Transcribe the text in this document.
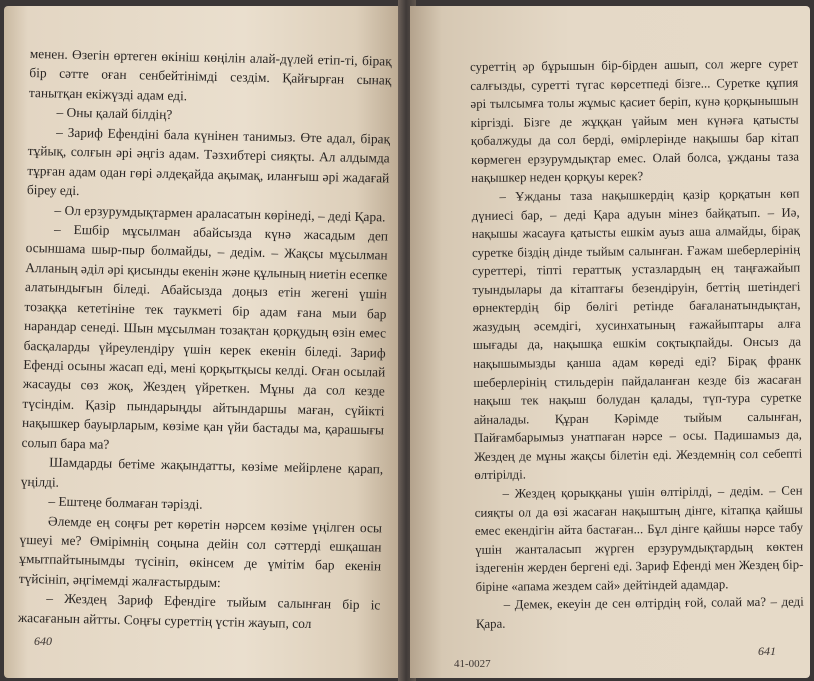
менен. Өзегін өртеген өкініш көңілін алай-дүлей етіп-ті, бірақ бір сәтте оған сенбейтінімді сездім. Қайғырған сынақ танытқан екіжүзді адам еді.

– Оны қалай білдің?

– Зариф Ефендіні бала күнінен танимыз. Өте адал, бірақ тұйық, солғын әрі әңгіз адам. Тәзхибтері сияқты. Ал алдымда тұрған адам одан гөрі әлдеқайда ақымақ, иланғыш әрі жадағай біреу еді.

– Ол ерзурумдықтармен араласатын көрінеді, – деді Қара.

– Ешбір мұсылман абайсызда күнә жасадым деп осыншама шыр-пыр болмайды, – дедім. – Жақсы мұсылман Алланың әділ әрі қисынды екенін және құлының ниетін есепке алатындығын біледі. Абайсызда доңыз етін жегені үшін тозаққа кететініне тек таукметі бір адам ғана мыи бар нарандар сенеді. Шын мұсылман тозақтан қорқудың өзін емес басқаларды үйреулендіру үшін керек екенін біледі. Зариф Ефенді осыны жасап еді, мені қорқытқысы келді. Оған осылай жасауды сөз жоқ, Жездең үйреткен. Мұны да сол кезде түсіндім. Қазір пындарыңды айтындаршы маған, сүйікті нақышкер бауырларым, көзіме қан үйи бастады ма, қарашығы солып бара ма?

Шамдарды бетіме жақындатты, көзіме мейірлене қарап, үңілді.

– Ештеңе болмаған тәрізді.

Әлемде ең соңғы рет көретін нәрсем көзіме үңілген осы үшеуі ме? Өмірімнің соңына дейін сол сәттерді ешқашан ұмытпайтынымды түсініп, өкінсем де үмітім бар екенін түйсініп, әңгімемді жалғастырдым:

– Жездең Зариф Ефендіге тыйым салынған бір іс жасағанын айтты. Соңғы суреттің үстін жауып, сол

640

суреттің әр бұрышын бір-бірден ашып, сол жерге сурет салғызды, суретті түгас көрсетпеді бізге... Суретке құпия әрі тылсымға толы жұмыс қасиет беріп, күнә қорқынышын кіргізді. Бізге де жұққан үайым мен күнәға қатысты қобалжуды да сол берді, өмірлерінде нақышы бар кітап көрмеген ерзурумдықтар емес. Олай болса, ұжданы таза нақышкер неден қорқуы керек?

– Ұжданы таза нақышкердің қазір қорқатын көп дүниесі бар, – деді Қара адуын мінез байқатып. – Иә, нақышы жасауға қатысты ешкім ауыз аша алмайды, бірақ суретке біздің дінде тыйым салынған. Ғажам шеберлерінің суреттері, тіпті гераттық устазлардың ең таңғажайып туындылары да кітаптағы безендіруін, беттің шетіндегі өрнектердің бір бөлігі ретінде бағаланатындықтан, жазудың әсемдігі, хусинхатының ғажайыптары алға шығады да, нақышқа ешкім соқтықпайды. Онсыз да нақышымызды қанша адам көреді еді? Бірақ франк шеберлерінің стильдерін пайдаланған кезде біз жасаған нақыш тек нақыш болудан қалады, түп-тура суретке айналады. Құран Кәрімде тыйым салынған, Пайғамбарымыз унатпаған нәрсе – осы. Падишамыз да, Жездең де мұны жақсы білетін еді. Жездемнің сол себепті өлтірілді.

– Жездең қорыққаны үшін өлтірілді, – дедім. – Сен сияқты ол да өзі жасаған нақыштың дінге, кітапқа қайшы емес екендігін айта бастаған... Бұл дінге қайшы нәрсе табу үшін жанталасып жүрген ерзурумдықтардың көктен іздегенін жерден бергені еді. Зариф Ефенді мен Жездең бір-біріне «апама жездем сай» дейтіндей адамдар.

– Демек, екеуін де сен өлтірдің ғой, солай ма? – деді Қара.

41-0027
641
